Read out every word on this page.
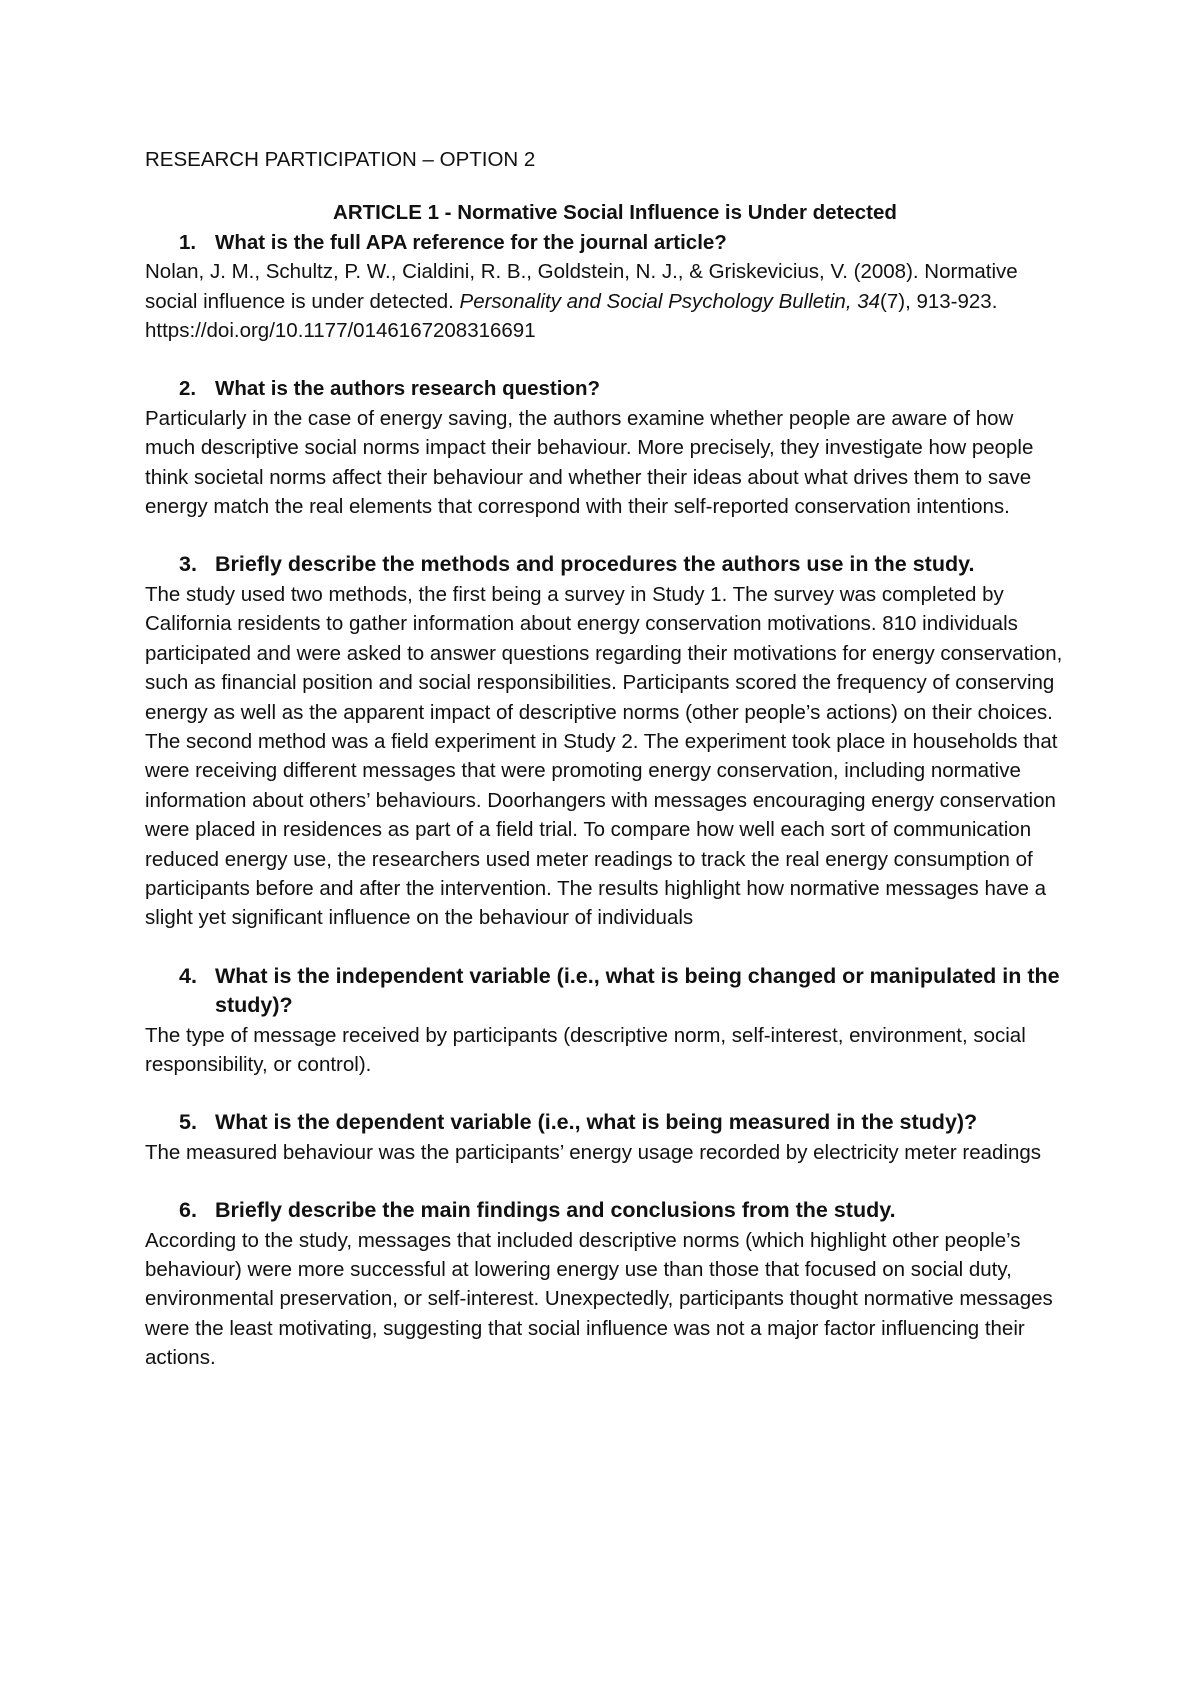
RESEARCH PARTICIPATION – OPTION 2

ARTICLE 1 - Normative Social Influence is Under detected

1. What is the full APA reference for the journal article?

Nolan, J. M., Schultz, P. W., Cialdini, R. B., Goldstein, N. J., & Griskevicius, V. (2008). Normative social influence is under detected. Personality and Social Psychology Bulletin, 34(7), 913-923. https://doi.org/10.1177/0146167208316691

2. What is the authors research question?

Particularly in the case of energy saving, the authors examine whether people are aware of how much descriptive social norms impact their behaviour. More precisely, they investigate how people think societal norms affect their behaviour and whether their ideas about what drives them to save energy match the real elements that correspond with their self-reported conservation intentions.

3. Briefly describe the methods and procedures the authors use in the study.

The study used two methods, the first being a survey in Study 1. The survey was completed by California residents to gather information about energy conservation motivations. 810 individuals participated and were asked to answer questions regarding their motivations for energy conservation, such as financial position and social responsibilities. Participants scored the frequency of conserving energy as well as the apparent impact of descriptive norms (other people’s actions) on their choices. The second method was a field experiment in Study 2. The experiment took place in households that were receiving different messages that were promoting energy conservation, including normative information about others’ behaviours. Doorhangers with messages encouraging energy conservation were placed in residences as part of a field trial. To compare how well each sort of communication reduced energy use, the researchers used meter readings to track the real energy consumption of participants before and after the intervention. The results highlight how normative messages have a slight yet significant influence on the behaviour of individuals

4. What is the independent variable (i.e., what is being changed or manipulated in the study)?

The type of message received by participants (descriptive norm, self-interest, environment, social responsibility, or control).

5. What is the dependent variable (i.e., what is being measured in the study)?

The measured behaviour was the participants’ energy usage recorded by electricity meter readings

6. Briefly describe the main findings and conclusions from the study.

According to the study, messages that included descriptive norms (which highlight other people’s behaviour) were more successful at lowering energy use than those that focused on social duty, environmental preservation, or self-interest. Unexpectedly, participants thought normative messages were the least motivating, suggesting that social influence was not a major factor influencing their actions.
